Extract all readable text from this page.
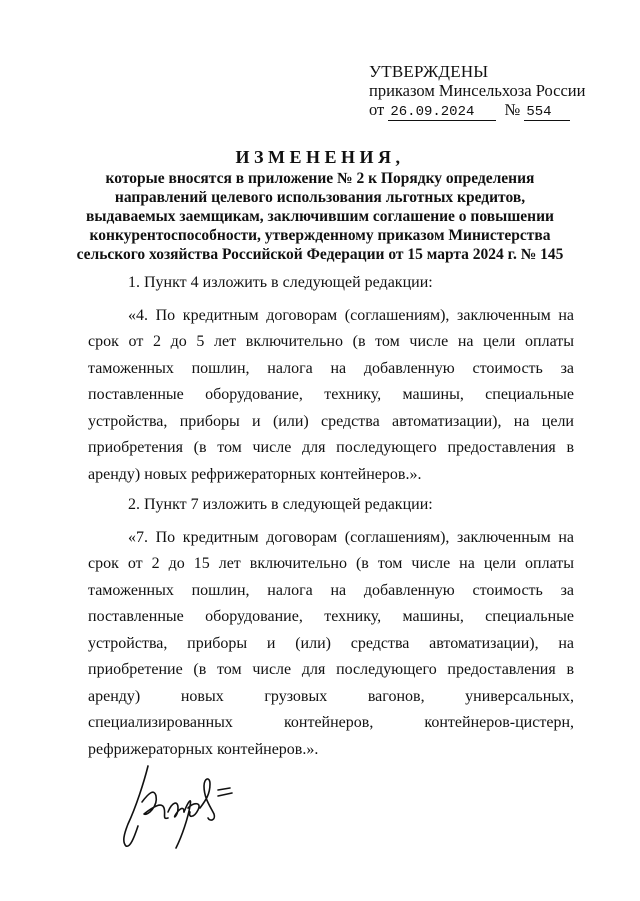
УТВЕРЖДЕНЫ
приказом Минсельхоза России
от 26.09.2024 № 554
ИЗМЕНЕНИЯ,
которые вносятся в приложение № 2 к Порядку определения
направлений целевого использования льготных кредитов,
выдаваемых заемщикам, заключившим соглашение о повышении
конкурентоспособности, утвержденному приказом Министерства
сельского хозяйства Российской Федерации от 15 марта 2024 г. № 145

1. Пункт 4 изложить в следующей редакции:

«4. По кредитным договорам (соглашениям), заключенным на срок от 2 до 5 лет включительно (в том числе на цели оплаты таможенных пошлин, налога на добавленную стоимость за поставленные оборудование, технику, машины, специальные устройства, приборы и (или) средства автоматизации), на цели приобретения (в том числе для последующего предоставления в аренду) новых рефрижераторных контейнеров.».

2. Пункт 7 изложить в следующей редакции:

«7. По кредитным договорам (соглашениям), заключенным на срок от 2 до 15 лет включительно (в том числе на цели оплаты таможенных пошлин, налога на добавленную стоимость за поставленные оборудование, технику, машины, специальные устройства, приборы и (или) средства автоматизации), на приобретение (в том числе для последующего предоставления в аренду) новых грузовых вагонов, универсальных, специализированных контейнеров, контейнеров-цистерн,

рефрижераторных контейнеров.».
